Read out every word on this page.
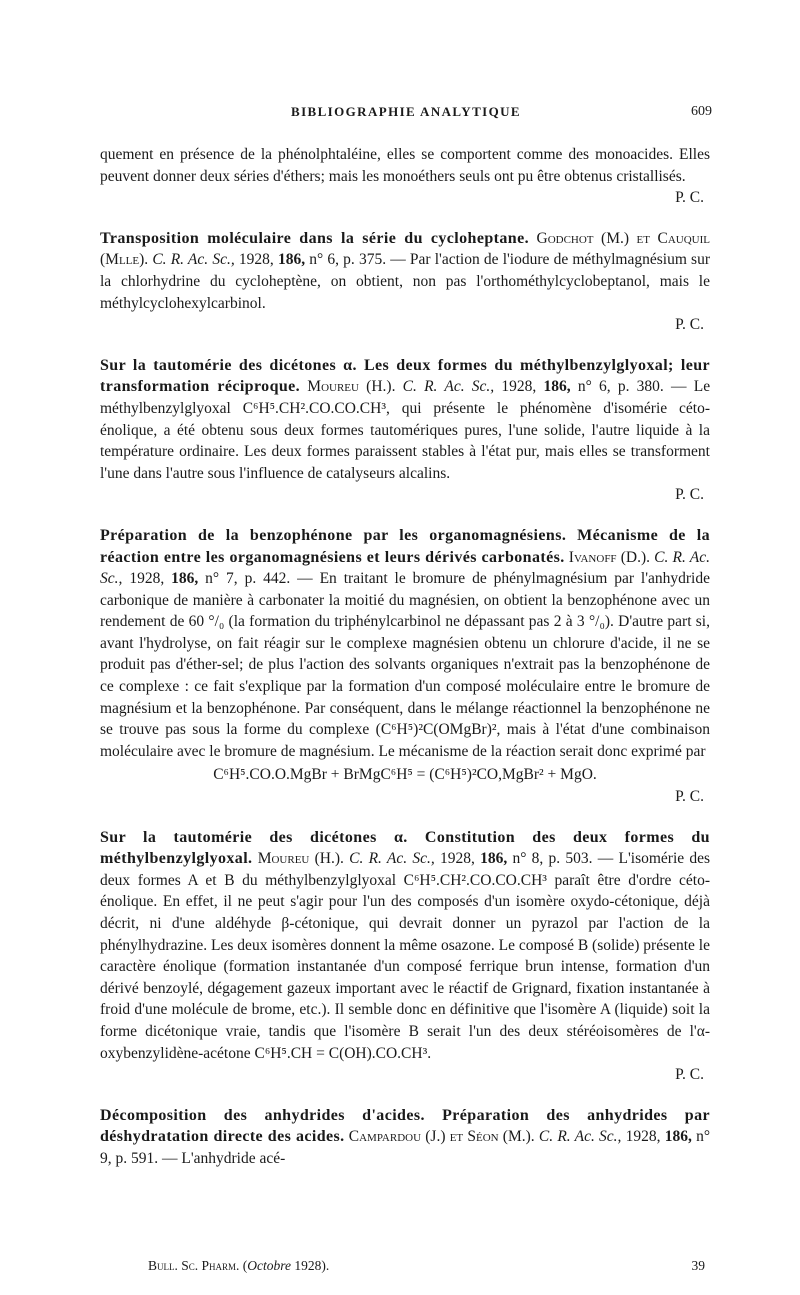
BIBLIOGRAPHIE ANALYTIQUE	609

quement en présence de la phénolphtaléine, elles se comportent comme des monoacides. Elles peuvent donner deux séries d'éthers; mais les monoéthers seuls ont pu être obtenus cristallisés.

P. C.

Transposition moléculaire dans la série du cycloheptane. Godchot (M.) et Cauquil (Mlle). C. R. Ac. Sc., 1928, 186, n° 6, p. 375. — Par l'action de l'iodure de méthylmagnésium sur la chlorhydrine du cycloheptène, on obtient, non pas l'orthométhylcyclobeptanol, mais le méthylcyclohexylcarbinol.

P. C.

Sur la tautomérie des dicétones α. Les deux formes du méthylbenzylglyoxal; leur transformation réciproque. Moureu (H.). C. R. Ac. Sc., 1928, 186, n° 6, p. 380. — Le méthylbenzylglyoxal C⁶H⁵.CH².CO.CO.CH³, qui présente le phénomène d'isomérie céto-énolique, a été obtenu sous deux formes tautomériques pures, l'une solide, l'autre liquide à la température ordinaire. Les deux formes paraissent stables à l'état pur, mais elles se transforment l'une dans l'autre sous l'influence de catalyseurs alcalins.

P. C.

Préparation de la benzophénone par les organomagnésiens. Mécanisme de la réaction entre les organomagnésiens et leurs dérivés carbonatés. Ivanoff (D.). C. R. Ac. Sc., 1928, 186, n° 7, p. 442. — En traitant le bromure de phénylmagnésium par l'anhydride carbonique de manière à carbonater la moitié du magnésien, on obtient la benzophénone avec un rendement de 60 °/₀ (la formation du triphénylcarbinol ne dépassant pas 2 à 3 °/₀). D'autre part si, avant l'hydrolyse, on fait réagir sur le complexe magnésien obtenu un chlorure d'acide, il ne se produit pas d'éther-sel; de plus l'action des solvants organiques n'extrait pas la benzophénone de ce complexe : ce fait s'explique par la formation d'un composé moléculaire entre le bromure de magnésium et la benzophénone. Par conséquent, dans le mélange réactionnel la benzophénone ne se trouve pas sous la forme du complexe (C⁶H⁵)²C(OMgBr)², mais à l'état d'une combinaison moléculaire avec le bromure de magnésium. Le mécanisme de la réaction serait donc exprimé par

C⁶H⁵.CO.O.MgBr + BrMgC⁶H⁵ = (C⁶H⁵)²CO,MgBr² + MgO.

P. C.

Sur la tautomérie des dicétones α. Constitution des deux formes du méthylbenzylglyoxal. Moureu (H.). C. R. Ac. Sc., 1928, 186, n° 8, p. 503. — L'isomérie des deux formes A et B du méthylbenzylglyoxal C⁶H⁵.CH².CO.CO.CH³ paraît être d'ordre céto-énolique. En effet, il ne peut s'agir pour l'un des composés d'un isomère oxydo-cétonique, déjà décrit, ni d'une aldéhyde β-cétonique, qui devrait donner un pyrazol par l'action de la phénylhydrazine. Les deux isomères donnent la même osazone. Le composé B (solide) présente le caractère énolique (formation instantanée d'un composé ferrique brun intense, formation d'un dérivé benzoylé, dégagement gazeux important avec le réactif de Grignard, fixation instantanée à froid d'une molécule de brome, etc.). Il semble donc en définitive que l'isomère A (liquide) soit la forme dicétonique vraie, tandis que l'isomère B serait l'un des deux stéréoisomères de l'α-oxybenzylidène-acétone C⁶H⁵.CH = C(OH).CO.CH³.

P. C.

Décomposition des anhydrides d'acides. Préparation des anhydrides par déshydratation directe des acides. Campardou (J.) et Séon (M.). C. R. Ac. Sc., 1928, 186, n° 9, p. 591. — L'anhydride acé-

Bull. Sc. Pharm. (Octobre 1928).	39
